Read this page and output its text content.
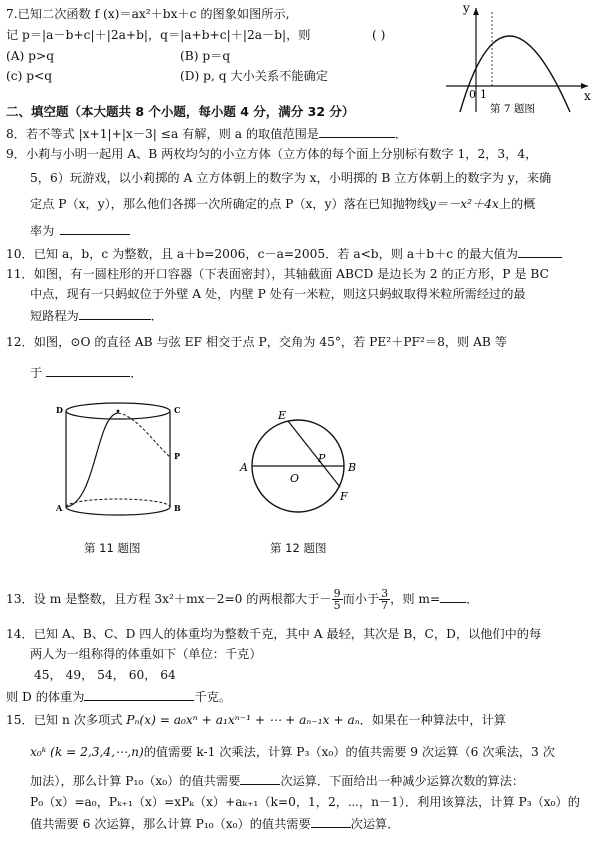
7.已知二次函数 f (x)＝ax²＋bx＋c 的图象如图所示,
记 p＝|a－b+c|＋|2a+b|，q＝|a+b+c|＋|2a－b|，则	( )
(A) p>q	(B) p＝q
(c) p<q	(D) p, q 大小关系不能确定
y
x
0 1
第 7 题图
二、填空题（本大题共 8 个小题，每小题 4 分，满分 32 分）
8．若不等式 |x+1|+|x－3| ≤a 有解，则 a 的取值范围是	．
9．小莉与小明一起用 A、B 两枚均匀的小立方体（立方体的每个面上分别标有数字 1，2，3，4，
5，6）玩游戏，以小莉掷的 A 立方体朝上的数字为 x，小明掷的 B 立方体朝上的数字为 y，来确
定点 P（x，y），那么他们各掷一次所确定的点 P（x，y）落在已知抛物线y＝－x²＋4x上的概
率为
10．已知 a，b，c 为整数，且 a＋b=2006，c－a=2005．若 a<b，则 a＋b＋c 的最大值为
11．如图，有一圆柱形的开口容器（下表面密封），其轴截面 ABCD 是边长为 2 的正方形，P 是 BC
中点，现有一只蚂蚁位于外壁 A 处，内壁 P 处有一米粒，则这只蚂蚁取得米粒所需经过的最
短路程为	．
12．如图，⊙O 的直径 AB 与弦 EF 相交于点 P，交角为 45°，若 PE²＋PF²＝8，则 AB 等
于	．
D	C
P
A	B
E
A
P
O
B
F
第 11 题图	第 12 题图
13．设 m 是整数，且方程 3x²＋mx－2=0 的两根都大于－ $\frac{9}{5}$ 而小于 $\frac{3}{7}$ ，则 m= ．
14．已知 A、B、C、D 四人的体重均为整数千克，其中 A 最轻，其次是 B，C，D，以他们中的每
两人为一组称得的体重如下（单位：千克）
45， 49， 54， 60， 64
则 D 的体重为	千克。
15．已知 n 次多项式 Pₙ(x) = a₀xⁿ + a₁xⁿ⁻¹ + ⋯ + aₙ₋₁x + aₙ．如果在一种算法中，计算
x₀ᵏ (k = 2,3,4,⋯,n)的值需要 k-1 次乘法，计算 P₃（x₀）的值共需要 9 次运算（6 次乘法，3 次
加法），那么计算 P₁₀（x₀）的值共需要	次运算．下面给出一种减少运算次数的算法：
P₀（x）=a₀，Pₖ₊₁（x）=xPₖ（x）+aₖ₊₁（k=0，1，2，⋯，n－1）．利用该算法，计算 P₃（x₀）的
值共需要 6 次运算，那么计算 P₁₀（x₀）的值共需要	次运算．
